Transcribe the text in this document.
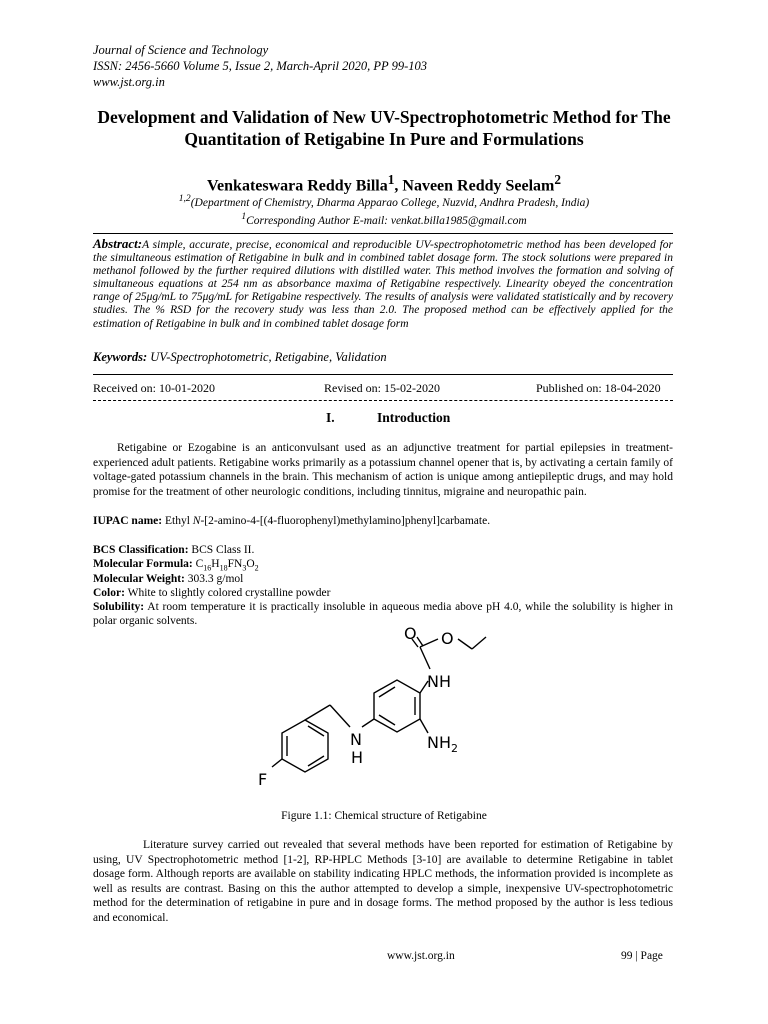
Journal of Science and Technology
ISSN: 2456-5660 Volume 5, Issue 2, March-April 2020, PP 99-103
www.jst.org.in
Development and Validation of New UV-Spectrophotometric Method for The Quantitation of Retigabine In Pure and Formulations
Venkateswara Reddy Billa$^1$, Naveen Reddy Seelam$^2$
$^{1,2}$(Department of Chemistry, Dharma Apparao College, Nuzvid, Andhra Pradesh, India)
$^1$Corresponding Author E-mail: venkat.billa1985@gmail.com
Abstract:A simple, accurate, precise, economical and reproducible UV-spectrophotometric method has been developed for the simultaneous estimation of Retigabine in bulk and in combined tablet dosage form. The stock solutions were prepared in methanol followed by the further required dilutions with distilled water. This method involves the formation and solving of simultaneous equations at 254 nm as absorbance maxima of Retigabine respectively. Linearity obeyed the concentration range of 25μg/mL to 75μg/mL for Retigabine respectively. The results of analysis were validated statistically and by recovery studies. The % RSD for the recovery study was less than 2.0. The proposed method can be effectively applied for the estimation of Retigabine in bulk and in combined tablet dosage form
Keywords: UV-Spectrophotometric, Retigabine, Validation
Received on: 10-01-2020	Revised on: 15-02-2020	Published on: 18-04-2020
I.	Introduction

Retigabine or Ezogabine is an anticonvulsant used as an adjunctive treatment for partial epilepsies in treatment-experienced adult patients. Retigabine works primarily as a potassium channel opener that is, by activating a certain family of voltage-gated potassium channels in the brain. This mechanism of action is unique among antiepileptic drugs, and may hold promise for the treatment of other neurologic conditions, including tinnitus, migraine and neuropathic pain.

IUPAC name: Ethyl N-[2-amino-4-[(4-fluorophenyl)methylamino]phenyl]carbamate.
BCS Classification: BCS Class II.
Molecular Formula: $C_{16}H_{18}FN_3O_2$
Molecular Weight: 303.3 g/mol
Color: White to slightly colored crystalline powder
Solubility: At room temperature it is practically insoluble in aqueous media above pH 4.0, while the solubility is higher in polar organic solvents.
O O
NH
$NH_2$
N
H
F
Figure 1.1: Chemical structure of Retigabine

Literature survey carried out revealed that several methods have been reported for estimation of Retigabine by using, UV Spectrophotometric method [1-2], RP-HPLC Methods [3-10] are available to determine Retigabine in tablet dosage form. Although reports are available on stability indicating HPLC methods, the information provided is incomplete as well as results are contrast. Basing on this the author attempted to develop a simple, inexpensive UV-spectrophotometric method for the determination of retigabine in pure and in dosage forms. The method proposed by the author is less tedious and economical.

www.jst.org.in	99 | Page
